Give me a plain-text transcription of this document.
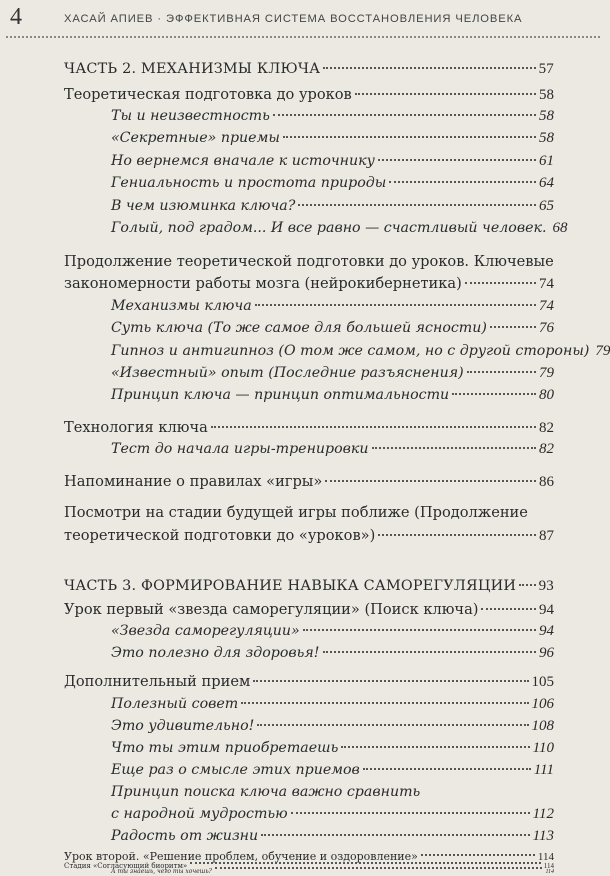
4	ХАСАЙ АПИЕВ · ЭФФЕКТИВНАЯ СИСТЕМА ВОССТАНОВЛЕНИЯ ЧЕЛОВЕКА
ЧАСТЬ 2. МЕХАНИЗМЫ КЛЮЧА	57
Теоретическая подготовка до уроков	58
Ты и неизвестность	58
«Секретные» приемы	58
Но вернемся вначале к источнику	61
Гениальность и простота природы	64
В чем изюминка ключа?	65
Голый, под градом... И все равно — счастливый человек. 68
Продолжение теоретической подготовки до уроков. Ключевые
закономерности работы мозга (нейрокибернетика)	74
Механизмы ключа	74
Суть ключа (То же самое для большей ясности)	76
Гипноз и антигипноз (О том же самом, но с другой стороны) 79
«Известный» опыт (Последние разъяснения)	79
Принцип ключа — принцип оптимальности	80
Технология ключа	82
Тест до начала игры-тренировки	82
Напоминание о правилах «игры»	86
Посмотри на стадии будущей игры поближе (Продолжение
теоретической подготовки до «уроков»)	87
ЧАСТЬ 3. ФОРМИРОВАНИЕ НАВЫКА САМОРЕГУЛЯЦИИ 93
Урок первый «звезда саморегуляции» (Поиск ключа)	94
«Звезда саморегуляции»	94
Это полезно для здоровья!	96
Дополнительный прием	105
Полезный совет	106
Это удивительно!	108
Что ты этим приобретаешь	110
Еще раз о смысле этих приемов	111
Принцип поиска ключа важно сравнить
с народной мудростью	112
Радость от жизни	113
Урок второй. «Решение проблем, обучение и оздоровление»	114
Стадия «Согласующий биоритм»	114
А ты знаешь, чего ты хочешь?	114
